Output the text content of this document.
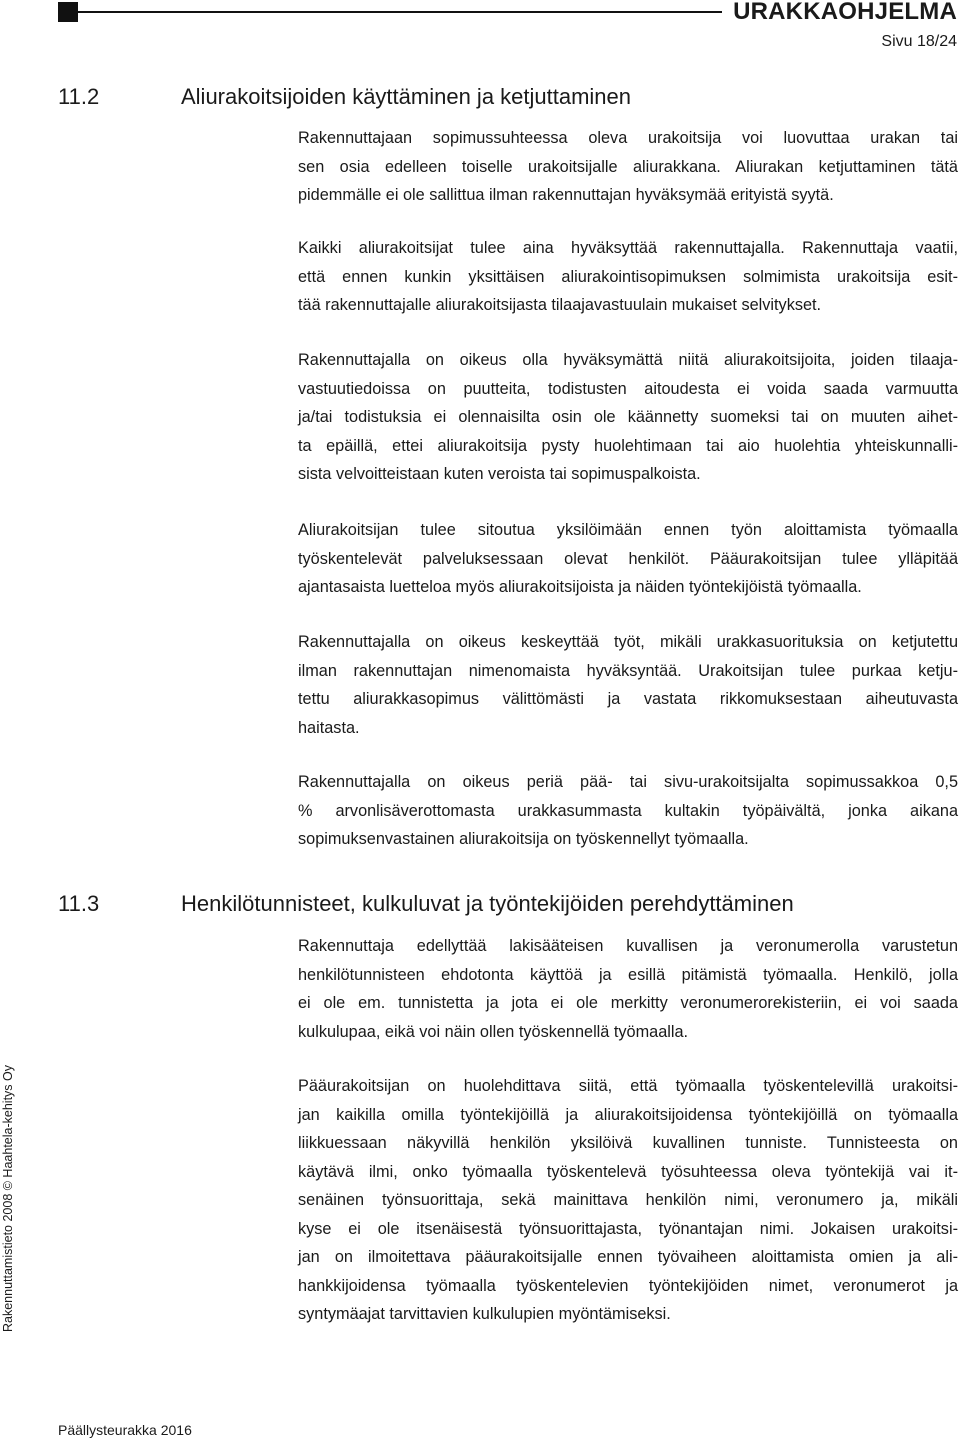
URAKKAOHJELMA
Sivu 18/24
11.2	Aliurakoitsijoiden käyttäminen ja ketjuttaminen

Rakennuttajaan sopimussuhteessa oleva urakoitsija voi luovuttaa urakan tai
sen osia edelleen toiselle urakoitsijalle aliurakkana. Aliurakan ketjuttaminen tätä
pidemmälle ei ole sallittua ilman rakennuttajan hyväksymää erityistä syytä.

Kaikki aliurakoitsijat tulee aina hyväksyttää rakennuttajalla. Rakennuttaja vaatii,
että ennen kunkin yksittäisen aliurakointisopimuksen solmimista urakoitsija esit-
tää rakennuttajalle aliurakoitsijasta tilaajavastuulain mukaiset selvitykset.

Rakennuttajalla on oikeus olla hyväksymättä niitä aliurakoitsijoita, joiden tilaaja-
vastuutiedoissa on puutteita, todistusten aitoudesta ei voida saada varmuutta
ja/tai todistuksia ei olennaisilta osin ole käännetty suomeksi tai on muuten aihet-
ta epäillä, ettei aliurakoitsija pysty huolehtimaan tai aio huolehtia yhteiskunnalli-
sista velvoitteistaan kuten veroista tai sopimuspalkoista.

Aliurakoitsijan tulee sitoutua yksilöimään ennen työn aloittamista työmaalla
työskentelevät palveluksessaan olevat henkilöt. Pääurakoitsijan tulee ylläpitää
ajantasaista luetteloa myös aliurakoitsijoista ja näiden työntekijöistä työmaalla.

Rakennuttajalla on oikeus keskeyttää työt, mikäli urakkasuorituksia on ketjutettu
ilman rakennuttajan nimenomaista hyväksyntää. Urakoitsijan tulee purkaa ketju-
tettu aliurakkasopimus välittömästi ja vastata rikkomuksestaan aiheutuvasta
haitasta.

Rakennuttajalla on oikeus periä pää- tai sivu-urakoitsijalta sopimussakkoa 0,5
% arvonlisäverottomasta urakkasummasta kultakin työpäivältä, jonka aikana
sopimuksenvastainen aliurakoitsija on työskennellyt työmaalla.

11.3	Henkilötunnisteet, kulkuluvat ja työntekijöiden perehdyttäminen

Rakennuttaja edellyttää lakisääteisen kuvallisen ja veronumerolla varustetun
henkilötunnisteen ehdotonta käyttöä ja esillä pitämistä työmaalla. Henkilö, jolla
ei ole em. tunnistetta ja jota ei ole merkitty veronumerorekisteriin, ei voi saada
kulkulupaa, eikä voi näin ollen työskennellä työmaalla.

Pääurakoitsijan on huolehdittava siitä, että työmaalla työskentelevillä urakoitsi-
jan kaikilla omilla työntekijöillä ja aliurakoitsijoidensa työntekijöillä on työmaalla
liikkuessaan näkyvillä henkilön yksilöivä kuvallinen tunniste. Tunnisteesta on
käytävä ilmi, onko työmaalla työskentelevä työsuhteessa oleva työntekijä vai it-
senäinen työnsuorittaja, sekä mainittava henkilön nimi, veronumero ja, mikäli
kyse ei ole itsenäisestä työnsuorittajasta, työnantajan nimi. Jokaisen urakoitsi-
jan on ilmoitettava pääurakoitsijalle ennen työvaiheen aloittamista omien ja ali-
hankkijoidensa työmaalla työskentelevien työntekijöiden nimet, veronumerot ja
syntymäajat tarvittavien kulkulupien myöntämiseksi.

Rakennuttamistieto 2008 © Haahtela-kehitys Oy
Päällysteurakka 2016
